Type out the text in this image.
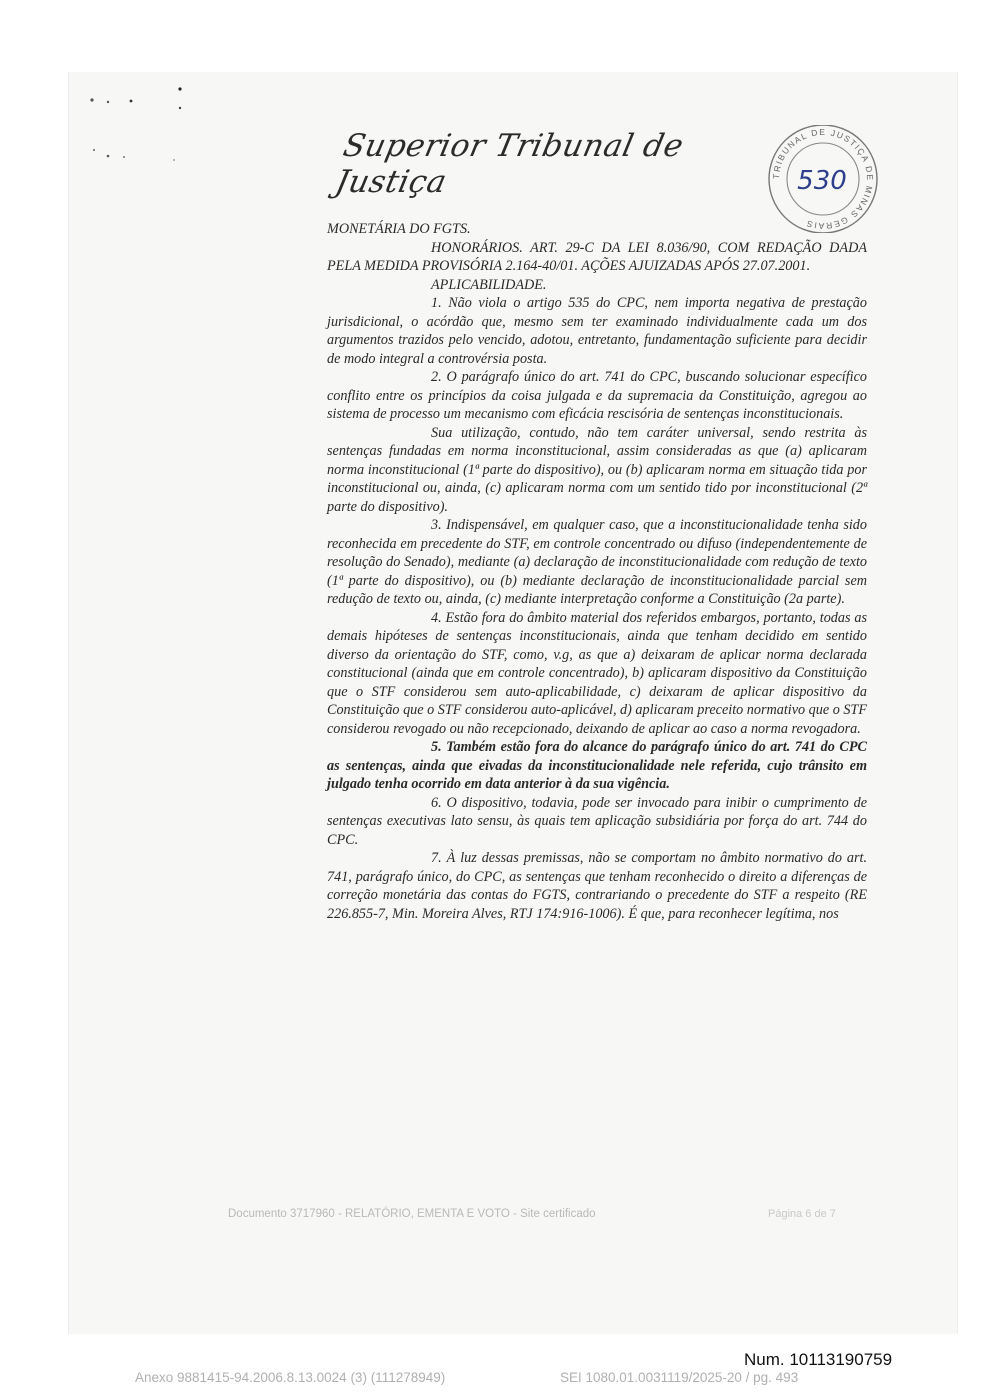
Superior Tribunal de Justiça	TRIBUNAL DE JUSTIÇA DE MINAS GERAIS
530

MONETÁRIA DO FGTS.

HONORÁRIOS. ART. 29-C DA LEI 8.036/90, COM REDAÇÃO DADA PELA MEDIDA PROVISÓRIA 2.164-40/01. AÇÕES AJUIZADAS APÓS 27.07.2001.

APLICABILIDADE.

1. Não viola o artigo 535 do CPC, nem importa negativa de prestação jurisdicional, o acórdão que, mesmo sem ter examinado individualmente cada um dos argumentos trazidos pelo vencido, adotou, entretanto, fundamentação suficiente para decidir de modo integral a controvérsia posta.

2. O parágrafo único do art. 741 do CPC, buscando solucionar específico conflito entre os princípios da coisa julgada e da supremacia da Constituição, agregou ao sistema de processo um mecanismo com eficácia rescisória de sentenças inconstitucionais.

Sua utilização, contudo, não tem caráter universal, sendo restrita às sentenças fundadas em norma inconstitucional, assim consideradas as que (a) aplicaram norma inconstitucional (1ª parte do dispositivo), ou (b) aplicaram norma em situação tida por inconstitucional ou, ainda, (c) aplicaram norma com um sentido tido por inconstitucional (2ª parte do dispositivo).

3. Indispensável, em qualquer caso, que a inconstitucionalidade tenha sido reconhecida em precedente do STF, em controle concentrado ou difuso (independentemente de resolução do Senado), mediante (a) declaração de inconstitucionalidade com redução de texto (1ª parte do dispositivo), ou (b) mediante declaração de inconstitucionalidade parcial sem redução de texto ou, ainda, (c) mediante interpretação conforme a Constituição (2a parte).

4. Estão fora do âmbito material dos referidos embargos, portanto, todas as demais hipóteses de sentenças inconstitucionais, ainda que tenham decidido em sentido diverso da orientação do STF, como, v.g, as que a) deixaram de aplicar norma declarada constitucional (ainda que em controle concentrado), b) aplicaram dispositivo da Constituição que o STF considerou sem auto-aplicabilidade, c) deixaram de aplicar dispositivo da Constituição que o STF considerou auto-aplicável, d) aplicaram preceito normativo que o STF considerou revogado ou não recepcionado, deixando de aplicar ao caso a norma revogadora.

5. Também estão fora do alcance do parágrafo único do art. 741 do CPC as sentenças, ainda que eivadas da inconstitucionalidade nele referida, cujo trânsito em julgado tenha ocorrido em data anterior à da sua vigência.

6. O dispositivo, todavia, pode ser invocado para inibir o cumprimento de sentenças executivas lato sensu, às quais tem aplicação subsidiária por força do art. 744 do CPC.

7. À luz dessas premissas, não se comportam no âmbito normativo do art. 741, parágrafo único, do CPC, as sentenças que tenham reconhecido o direito a diferenças de correção monetária das contas do FGTS, contrariando o precedente do STF a respeito (RE 226.855-7, Min. Moreira Alves, RTJ 174:916-1006). É que, para reconhecer legítima, nos

Documento 3717960 - RELATÓRIO, EMENTA E VOTO - Site certificado	Página 6 de 7
Num. 10113190759
Anexo 9881415-94.2006.8.13.0024 (3) (111278949)	SEI 1080.01.0031119/2025-20 / pg. 493
